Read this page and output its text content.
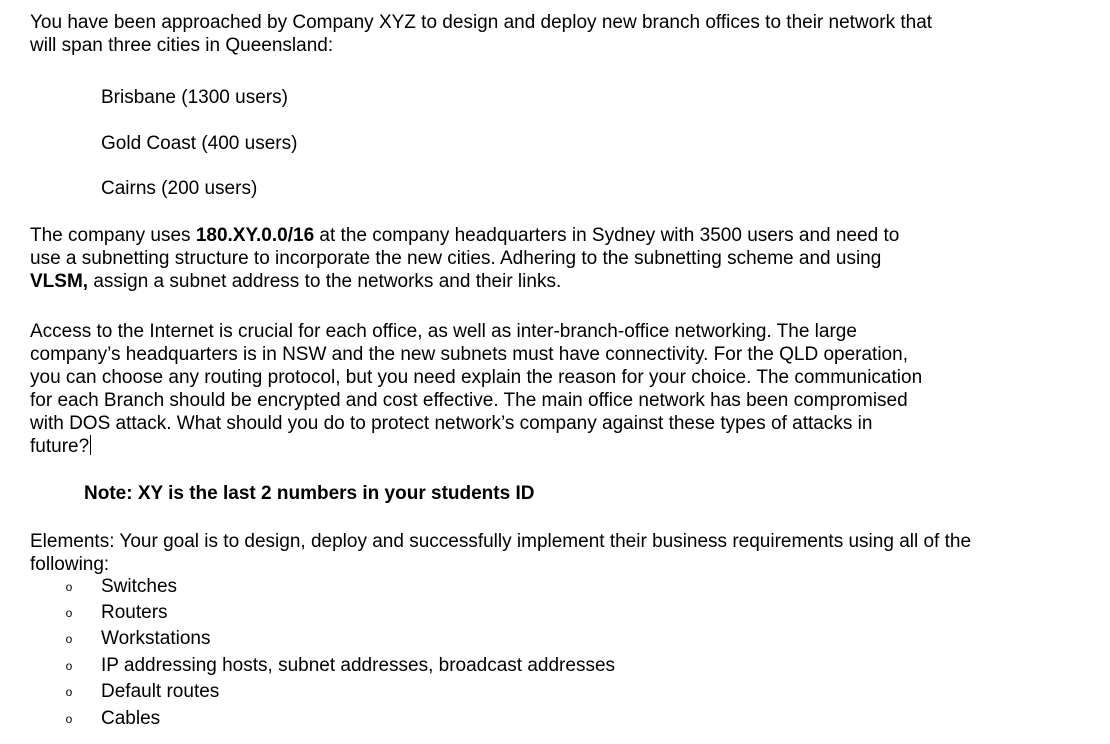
You have been approached by Company XYZ to design and deploy new branch offices to their network that will span three cities in Queensland:

Brisbane (1300 users)
Gold Coast (400 users)
Cairns (200 users)

The company uses 180.XY.0.0/16 at the company headquarters in Sydney with 3500 users and need to use a subnetting structure to incorporate the new cities. Adhering to the subnetting scheme and using VLSM, assign a subnet address to the networks and their links.

Access to the Internet is crucial for each office, as well as inter-branch-office networking. The large company’s headquarters is in NSW and the new subnets must have connectivity. For the QLD operation, you can choose any routing protocol, but you need explain the reason for your choice. The communication for each Branch should be encrypted and cost effective. The main office network has been compromised with DOS attack. What should you do to protect network’s company against these types of attacks in future?

Note: XY is the last 2 numbers in your students ID

Elements: Your goal is to design, deploy and successfully implement their business requirements using all of the following:

o Switches
o Routers
o Workstations
o IP addressing hosts, subnet addresses, broadcast addresses
o Default routes
o Cables
